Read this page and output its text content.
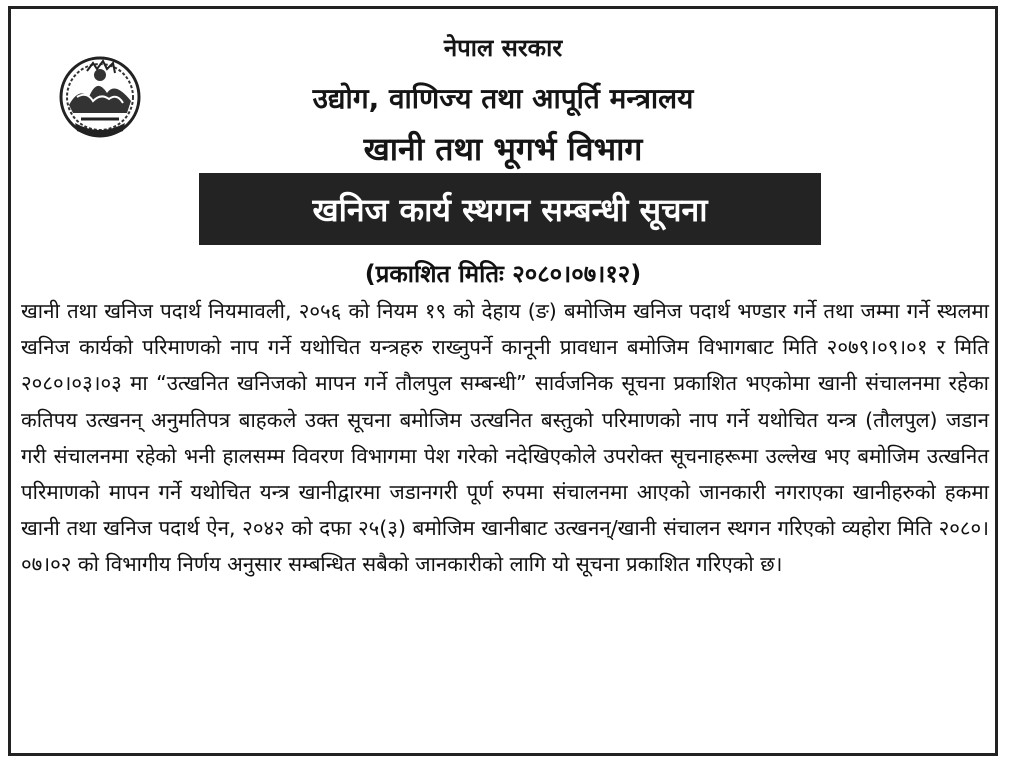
नेपाल सरकार
उद्योग, वाणिज्य तथा आपूर्ति मन्त्रालय
खानी तथा भूगर्भ विभाग
खनिज कार्य स्थगन सम्बन्धी सूचना
(प्रकाशित मितिः २०८०।०७।१२)

खानी तथा खनिज पदार्थ नियमावली, २०५६ को नियम १९ को देहाय (ङ) बमोजिम खनिज पदार्थ भण्डार गर्ने तथा जम्मा गर्ने स्थलमा खनिज कार्यको परिमाणको नाप गर्ने यथोचित यन्त्रहरु राख्नुपर्ने कानूनी प्रावधान बमोजिम विभागबाट मिति २०७९।०९।०१ र मिति २०८०।०३।०३ मा “उत्खनित खनिजको मापन गर्ने तौलपुल सम्बन्धी” सार्वजनिक सूचना प्रकाशित भएकोमा खानी संचालनमा रहेका कतिपय उत्खनन् अनुमतिपत्र बाहकले उक्त सूचना बमोजिम उत्खनित बस्तुको परिमाणको नाप गर्ने यथोचित यन्त्र (तौलपुल) जडान गरी संचालनमा रहेको भनी हालसम्म विवरण विभागमा पेश गरेको नदेखिएकोले उपरोक्त सूचनाहरूमा उल्लेख भए बमोजिम उत्खनित परिमाणको मापन गर्ने यथोचित यन्त्र खानीद्वारमा जडानगरी पूर्ण रुपमा संचालनमा आएको जानकारी नगराएका खानीहरुको हकमा खानी तथा खनिज पदार्थ ऐन, २०४२ को दफा २५(३) बमोजिम खानीबाट उत्खनन्/खानी संचालन स्थगन गरिएको व्यहोरा मिति २०८०।०७।०२ को विभागीय निर्णय अनुसार सम्बन्धित सबैको जानकारीको लागि यो सूचना प्रकाशित गरिएको छ।
